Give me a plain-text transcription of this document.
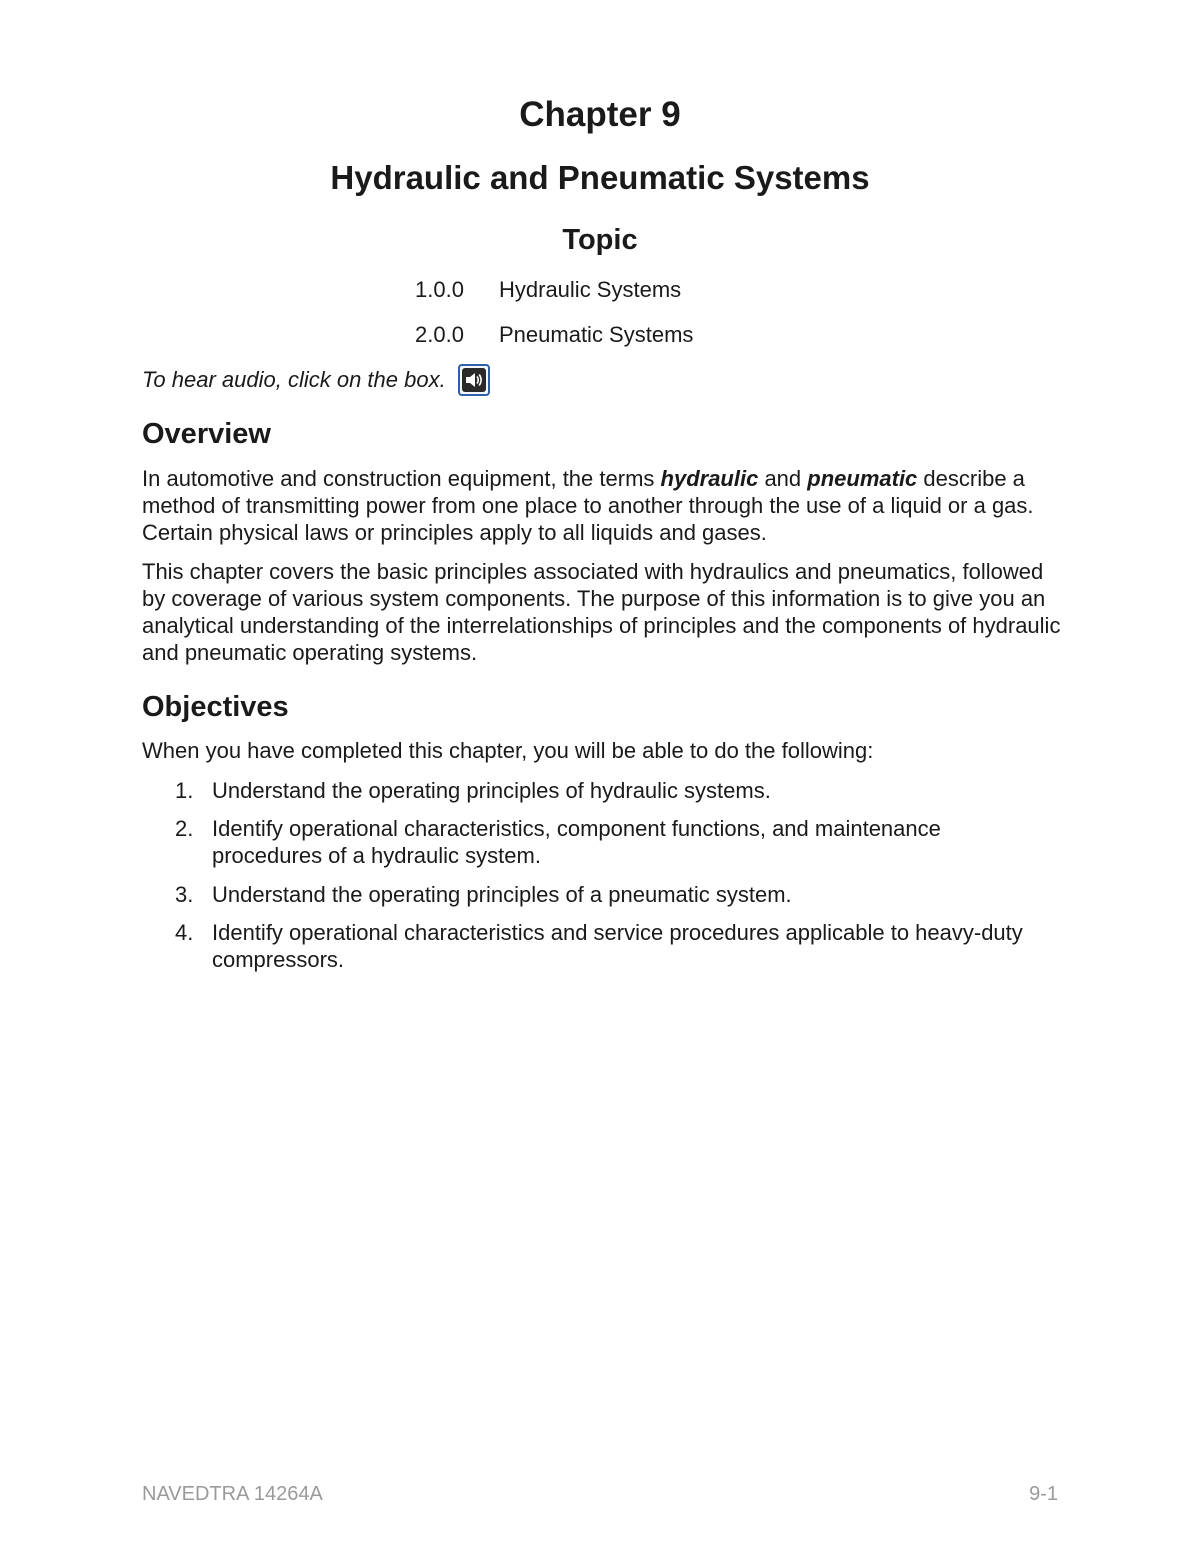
Chapter 9
Hydraulic and Pneumatic Systems
Topic
1.0.0 Hydraulic Systems
2.0.0 Pneumatic Systems
To hear audio, click on the box.
Overview

In automotive and construction equipment, the terms hydraulic and pneumatic describe a method of transmitting power from one place to another through the use of a liquid or a gas. Certain physical laws or principles apply to all liquids and gases.

This chapter covers the basic principles associated with hydraulics and pneumatics, followed by coverage of various system components. The purpose of this information is to give you an analytical understanding of the interrelationships of principles and the components of hydraulic and pneumatic operating systems.

Objectives

When you have completed this chapter, you will be able to do the following:

1. Understand the operating principles of hydraulic systems.
2. Identify operational characteristics, component functions, and maintenance procedures of a hydraulic system.
3. Understand the operating principles of a pneumatic system.
4. Identify operational characteristics and service procedures applicable to heavy-duty compressors.
NAVEDTRA 14264A	9-1
